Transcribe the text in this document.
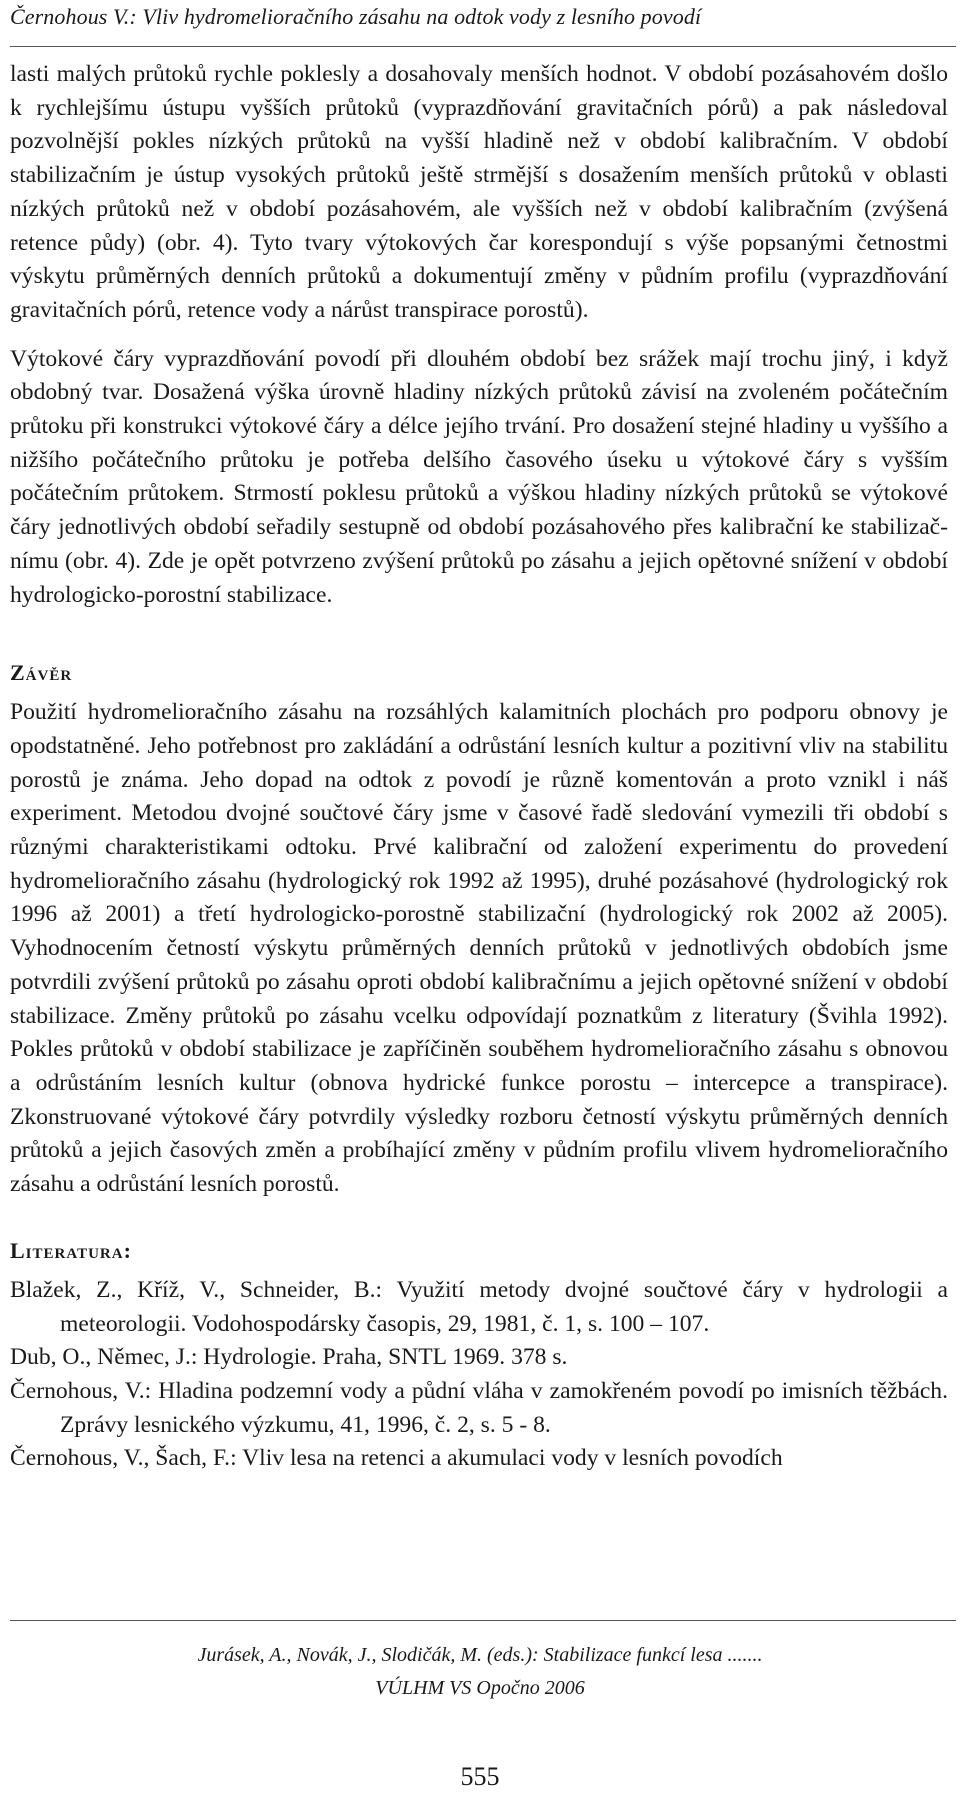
Černohous V.: Vliv hydromelioračního zásahu na odtok vody z lesního povodí

lasti malých průtoků rychle poklesly a dosahovaly menších hodnot. V období pozásahovém došlo k rychlejšímu ústupu vyšších průtoků (vyprazdňování gravitačních pórů) a pak následoval pozvolnější pokles nízkých průtoků na vyšší hladině než v období kalibračním. V období stabilizačním je ústup vysokých průtoků ještě strmější s dosažením menších průtoků v oblasti nízkých průtoků než v období pozásahovém, ale vyšších než v období kalibračním (zvýšená retence půdy) (obr. 4). Tyto tvary výtokových čar korespondují s výše popsanými četnostmi výskytu průměrných denních průtoků a dokumentují změny v půdním profilu (vyprazdňování gravitačních pórů, retence vody a nárůst transpirace porostů).

Výtokové čáry vyprazdňování povodí při dlouhém období bez srážek mají trochu jiný, i když obdobný tvar. Dosažená výška úrovně hladiny nízkých průtoků závisí na zvoleném počátečním průtoku při konstrukci výtokové čáry a délce jejího trvání. Pro dosažení stejné hladiny u vyššího a nižšího počátečního průtoku je potřeba delšího časového úseku u výtokové čáry s vyšším počátečním průtokem. Strmostí poklesu průtoků a výškou hladiny nízkých průtoků se výtokové čáry jednotlivých období seřadily sestupně od období pozásahového přes kalibrační ke stabilizačnímu (obr. 4). Zde je opět potvrzeno zvýšení průtoků po zásahu a jejich opětovné snížení v období hydrologicko-porostní stabilizace.

Závěr

Použití hydromelioračního zásahu na rozsáhlých kalamitních plochách pro podporu obnovy je opodstatněné. Jeho potřebnost pro zakládání a odrůstání lesních kultur a pozitivní vliv na stabilitu porostů je známa. Jeho dopad na odtok z povodí je různě komentován a proto vznikl i náš experiment. Metodou dvojné součtové čáry jsme v časové řadě sledování vymezili tři období s různými charakteristikami odtoku. Prvé kalibrační od založení experimentu do provedení hydromelioračního zásahu (hydrologický rok 1992 až 1995), druhé pozásahové (hydrologický rok 1996 až 2001) a třetí hydrologicko-porostně stabilizační (hydrologický rok 2002 až 2005). Vyhodnocením četností výskytu průměrných denních průtoků v jednotlivých obdobích jsme potvrdili zvýšení průtoků po zásahu oproti období kalibračnímu a jejich opětovné snížení v období stabilizace. Změny průtoků po zásahu vcelku odpovídají poznatkům z literatury (Švihla 1992). Pokles průtoků v období stabilizace je zapříčiněn souběhem hydromelioračního zásahu s obnovou a odrůstáním lesních kultur (obnova hydrické funkce porostu – intercepce a transpirace). Zkonstruované výtokové čáry potvrdily výsledky rozboru četností výskytu průměrných denních průtoků a jejich časových změn a probíhající změny v půdním profilu vlivem hydromelioračního zásahu a odrůstání lesních porostů.

Literatura:
Blažek, Z., Kříž, V., Schneider, B.: Využití metody dvojné součtové čáry v hydrologii a meteorologii. Vodohospodársky časopis, 29, 1981, č. 1, s. 100 – 107.
Dub, O., Němec, J.: Hydrologie. Praha, SNTL 1969. 378 s.
Černohous, V.: Hladina podzemní vody a půdní vláha v zamokřeném povodí po imisních těžbách. Zprávy lesnického výzkumu, 41, 1996, č. 2, s. 5 - 8.
Černohous, V., Šach, F.: Vliv lesa na retenci a akumulaci vody v lesních povodích
Jurásek, A., Novák, J., Slodičák, M. (eds.): Stabilizace funkcí lesa .......
VÚLHM VS Opočno 2006
555
